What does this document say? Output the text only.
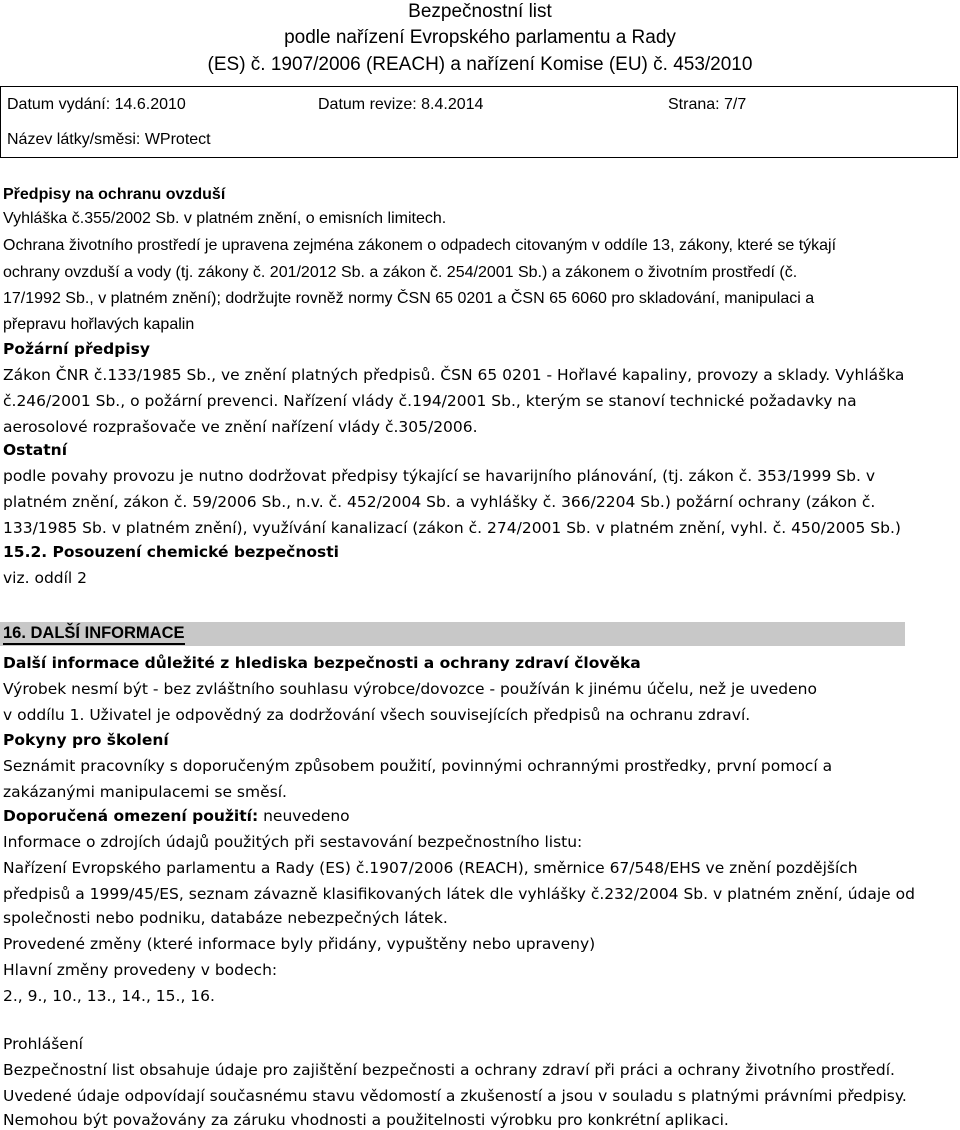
Bezpečnostní list
podle nařízení Evropského parlamentu a Rady
(ES) č. 1907/2006 (REACH) a nařízení Komise (EU) č. 453/2010
Datum vydání: 14.6.2010	Datum revize: 8.4.2014	Strana: 7/7
Název látky/směsi: WProtect
Předpisy na ochranu ovzduší
Vyhláška č.355/2002 Sb. v platném znění, o emisních limitech.
Ochrana životního prostředí je upravena zejména zákonem o odpadech citovaným v oddíle 13, zákony, které se týkají
ochrany ovzduší a vody (tj. zákony č. 201/2012 Sb. a zákon č. 254/2001 Sb.) a zákonem o životním prostředí (č.
17/1992 Sb., v platném znění); dodržujte rovněž normy ČSN 65 0201 a ČSN 65 6060 pro skladování, manipulaci a
přepravu hořlavých kapalin
Požární předpisy
Zákon ČNR č.133/1985 Sb., ve znění platných předpisů. ČSN 65 0201 - Hořlavé kapaliny, provozy a sklady. Vyhláška
č.246/2001 Sb., o požární prevenci. Nařízení vlády č.194/2001 Sb., kterým se stanoví technické požadavky na
aerosolové rozprašovače ve znění nařízení vlády č.305/2006.
Ostatní
podle povahy provozu je nutno dodržovat předpisy týkající se havarijního plánování, (tj. zákon č. 353/1999 Sb. v
platném znění, zákon č. 59/2006 Sb., n.v. č. 452/2004 Sb. a vyhlášky č. 366/2204 Sb.) požární ochrany (zákon č.
133/1985 Sb. v platném znění), využívání kanalizací (zákon č. 274/2001 Sb. v platném znění, vyhl. č. 450/2005 Sb.)
15.2. Posouzení chemické bezpečnosti
viz. oddíl 2
16. DALŠÍ INFORMACE
Další informace důležité z hlediska bezpečnosti a ochrany zdraví člověka
Výrobek nesmí být - bez zvláštního souhlasu výrobce/dovozce - používán k jinému účelu, než je uvedeno
v oddílu 1. Uživatel je odpovědný za dodržování všech souvisejících předpisů na ochranu zdraví.
Pokyny pro školení
Seznámit pracovníky s doporučeným způsobem použití, povinnými ochrannými prostředky, první pomocí a
zakázanými manipulacemi se směsí.
Doporučená omezení použití: neuvedeno
Informace o zdrojích údajů použitých při sestavování bezpečnostního listu:
Nařízení Evropského parlamentu a Rady (ES) č.1907/2006 (REACH), směrnice 67/548/EHS ve znění pozdějších
předpisů a 1999/45/ES, seznam závazně klasifikovaných látek dle vyhlášky č.232/2004 Sb. v platném znění, údaje od
společnosti nebo podniku, databáze nebezpečných látek.
Provedené změny (které informace byly přidány, vypuštěny nebo upraveny)
Hlavní změny provedeny v bodech:
2., 9., 10., 13., 14., 15., 16.
Prohlášení
Bezpečnostní list obsahuje údaje pro zajištění bezpečnosti a ochrany zdraví při práci a ochrany životního prostředí.
Uvedené údaje odpovídají současnému stavu vědomostí a zkušeností a jsou v souladu s platnými právními předpisy.
Nemohou být považovány za záruku vhodnosti a použitelnosti výrobku pro konkrétní aplikaci.
